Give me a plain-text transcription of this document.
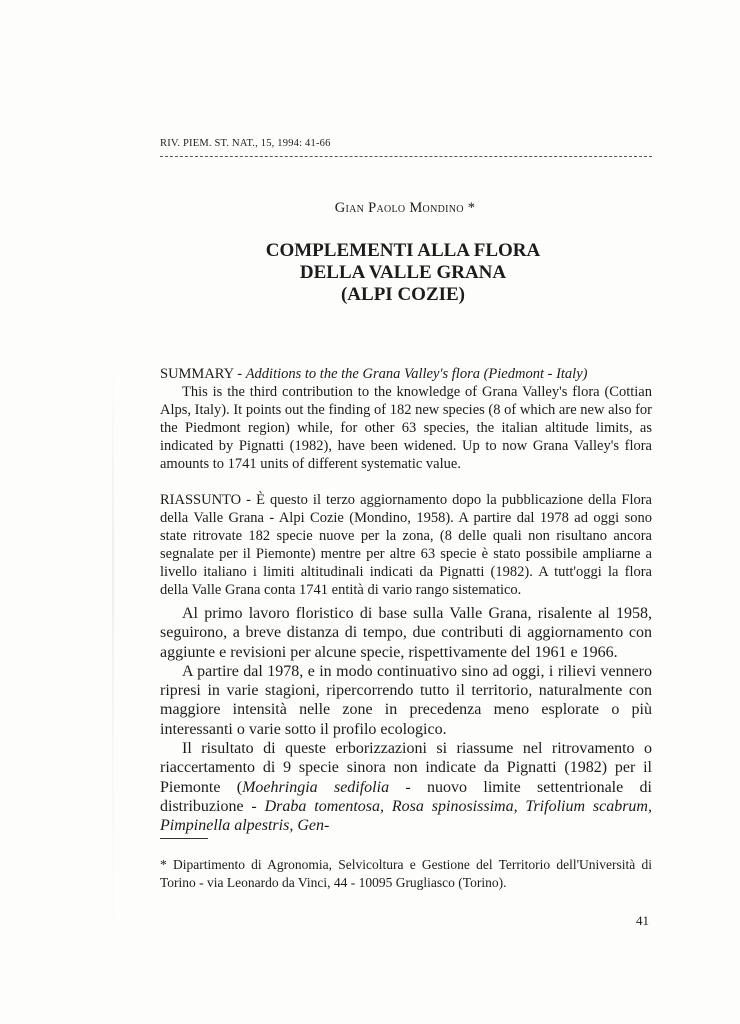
RIV. PIEM. ST. NAT., 15, 1994: 41-66
Gian Paolo Mondino *
COMPLEMENTI ALLA FLORA
DELLA VALLE GRANA
(ALPI COZIE)

SUMMARY - Additions to the the Grana Valley's flora (Piedmont - Italy)

This is the third contribution to the knowledge of Grana Valley's flora (Cottian Alps, Italy). It points out the finding of 182 new species (8 of which are new also for the Piedmont region) while, for other 63 species, the italian altitude limits, as indicated by Pignatti (1982), have been widened. Up to now Grana Valley's flora amounts to 1741 units of different systematic value.

RIASSUNTO - È questo il terzo aggiornamento dopo la pubblicazione della Flora della Valle Grana - Alpi Cozie (Mondino, 1958). A partire dal 1978 ad oggi sono state ritrovate 182 specie nuove per la zona, (8 delle quali non risultano ancora segnalate per il Piemonte) mentre per altre 63 specie è stato possibile ampliarne a livello italiano i limiti altitudinali indicati da Pignatti (1982). A tutt'oggi la flora della Valle Grana conta 1741 entità di vario rango sistematico.

Al primo lavoro floristico di base sulla Valle Grana, risalente al 1958, seguirono, a breve distanza di tempo, due contributi di aggiornamento con aggiunte e revisioni per alcune specie, rispettivamente del 1961 e 1966.

A partire dal 1978, e in modo continuativo sino ad oggi, i rilievi vennero ripresi in varie stagioni, ripercorrendo tutto il territorio, naturalmente con maggiore intensità nelle zone in precedenza meno esplorate o più interessanti o varie sotto il profilo ecologico.

Il risultato di queste erborizzazioni si riassume nel ritrovamento o riaccertamento di 9 specie sinora non indicate da Pignatti (1982) per il Piemonte (Moehringia sedifolia - nuovo limite settentrionale di distribuzione - Draba tomentosa, Rosa spinosissima, Trifolium scabrum, Pimpinella alpestris, Gen-

* Dipartimento di Agronomia, Selvicoltura e Gestione del Territorio dell'Università di Torino - via Leonardo da Vinci, 44 - 10095 Grugliasco (Torino).
41
